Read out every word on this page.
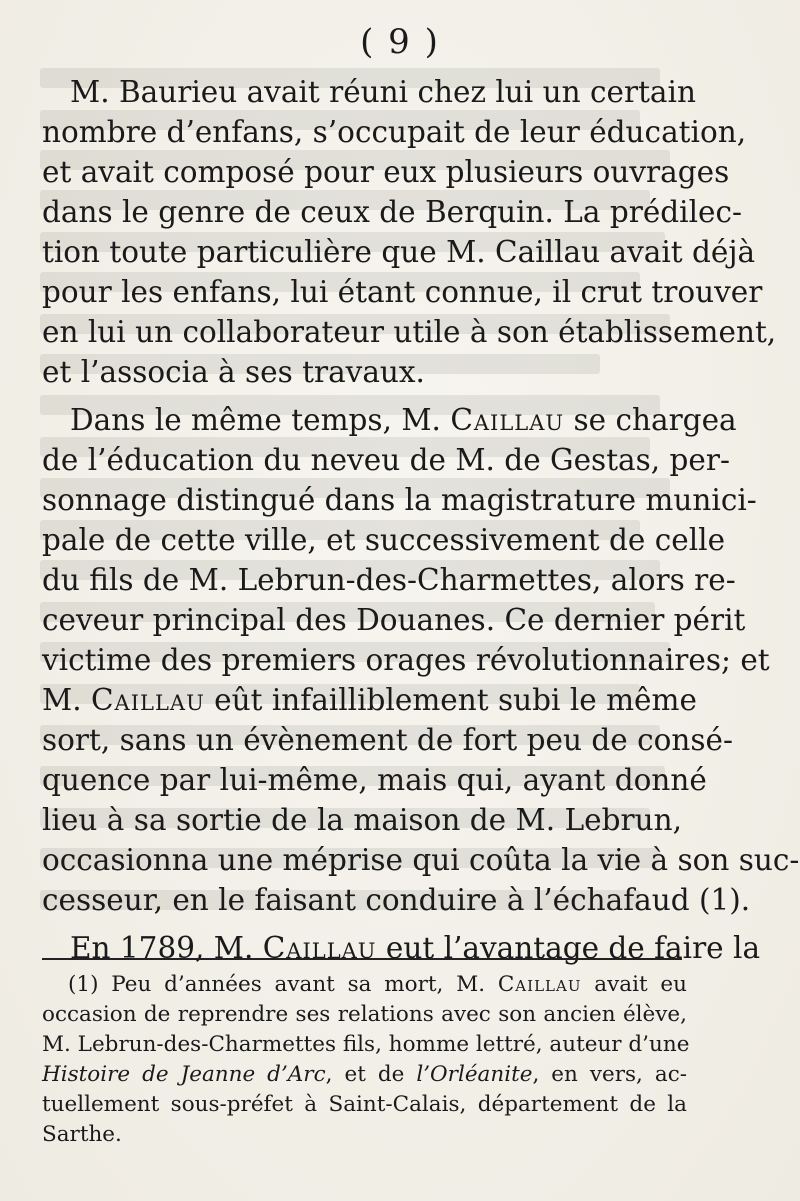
( 9 )
M. Baurieu avait réuni chez lui un certain
nombre d’enfans, s’occupait de leur éducation,
et avait composé pour eux plusieurs ouvrages
dans le genre de ceux de Berquin. La prédilec-
tion toute particulière que M. Caillau avait déjà
pour les enfans, lui étant connue, il crut trouver
en lui un collaborateur utile à son établissement,
et l’associa à ses travaux.
Dans le même temps, M. Caillau se chargea
de l’éducation du neveu de M. de Gestas, per-
sonnage distingué dans la magistrature munici-
pale de cette ville, et successivement de celle
du fils de M. Lebrun-des-Charmettes, alors re-
ceveur principal des Douanes. Ce dernier périt
victime des premiers orages révolutionnaires; et
M. Caillau eût infailliblement subi le même
sort, sans un évènement de fort peu de consé-
quence par lui-même, mais qui, ayant donné
lieu à sa sortie de la maison de M. Lebrun,
occasionna une méprise qui coûta la vie à son suc-
cesseur, en le faisant conduire à l’échafaud (1).
En 1789, M. Caillau eut l’avantage de faire la
(1) Peu d’années avant sa mort, M. Caillau avait eu
occasion de reprendre ses relations avec son ancien élève,
M. Lebrun-des-Charmettes fils, homme lettré, auteur d’une
Histoire de Jeanne d’Arc, et de l’Orléanite, en vers, ac-
tuellement sous-préfet à Saint-Calais, département de la
Sarthe.
